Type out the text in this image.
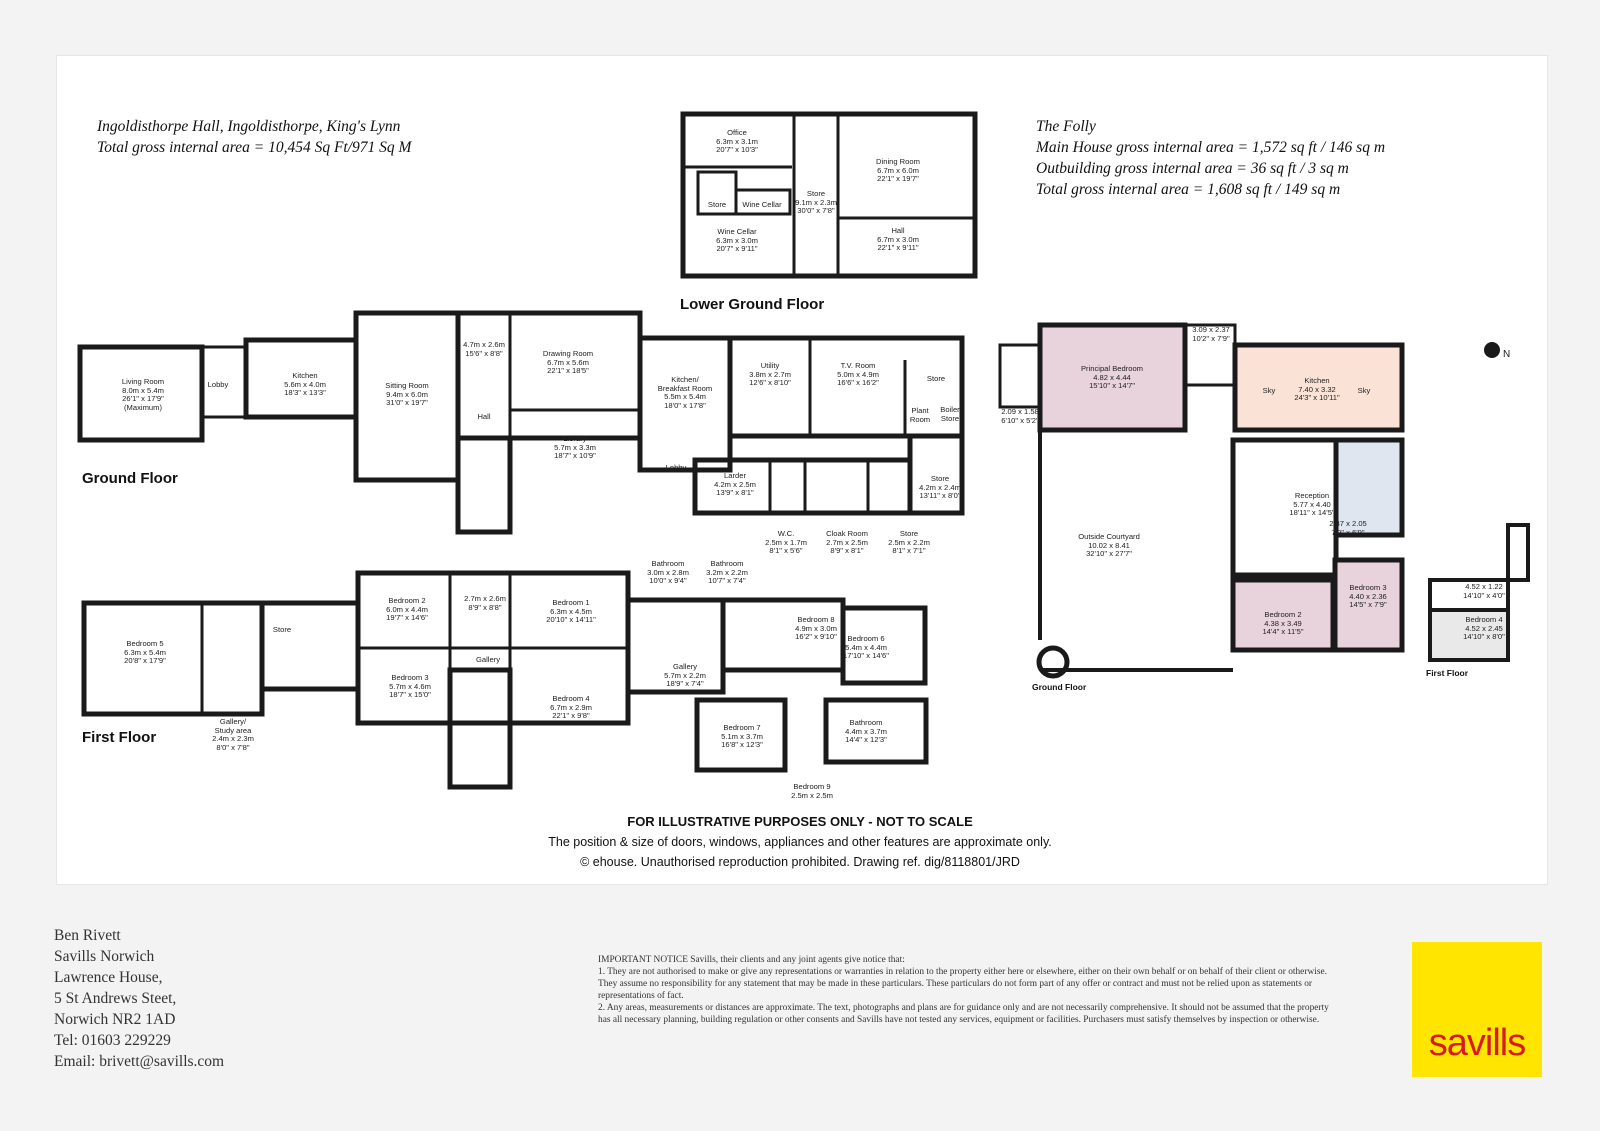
Ingoldisthorpe Hall, Ingoldisthorpe, King's Lynn
Total gross internal area = 10,454 Sq Ft/971 Sq M
The Folly
Main House gross internal area = 1,572 sq ft / 146 sq m
Outbuilding gross internal area = 36 sq ft / 3 sq m
Total gross internal area = 1,608 sq ft / 149 sq m
N
Lower Ground Floor
Ground Floor
First Floor
Ground Floor
First Floor
Office
6.3m x 3.1m
20'7" x 10'3"
Store	Wine Cellar
Wine Cellar
6.3m x 3.0m
20'7" x 9'11"
Store
9.1m x 2.3m
30'0" x 7'8"
Dining Room
6.7m x 6.0m
22'1" x 19'7"
Hall
6.7m x 3.0m
22'1" x 9'11"
Living Room
8.0m x 5.4m
26'1" x 17'9"
(Maximum)
Lobby
Kitchen
5.6m x 4.0m
18'3" x 13'3"
Sitting Room
9.4m x 6.0m
31'0" x 19'7"
4.7m x 2.6m
15'6" x 8'8"
Hall
Drawing Room
6.7m x 5.6m
22'1" x 18'5"
Library
5.7m x 3.3m
18'7" x 10'9"
Kitchen/
Breakfast Room
5.5m x 5.4m
18'0" x 17'8"
Lobby
Utility
3.8m x 2.7m
12'6" x 8'10"
T.V. Room
5.0m x 4.9m
16'6" x 16'2"	Store
Plant
Room
Boiler
Store
Store
4.2m x 2.4m
13'11" x 8'0"
Larder
4.2m x 2.5m
13'9" x 8'1"
W.C.
2.5m x 1.7m
8'1" x 5'6"
Cloak Room
2.7m x 2.5m
8'9" x 8'1"
Store
2.5m x 2.2m
8'1" x 7'1"
Bedroom 5
6.3m x 5.4m
20'8" x 17'9"
Store
Gallery/
Study area
2.4m x 2.3m
8'0" x 7'8"
Bedroom 2
6.0m x 4.4m
19'7" x 14'6"
Bedroom 3
5.7m x 4.6m
18'7" x 15'0"
2.7m x 2.6m
8'9" x 8'8"
Gallery
Bedroom 1
6.3m x 4.5m
20'10" x 14'11"
Bedroom 4
6.7m x 2.9m
22'1" x 9'8"
Bathroom
3.0m x 2.8m
10'0" x 9'4"
Bathroom
3.2m x 2.2m
10'7" x 7'4"
Gallery
5.7m x 2.2m
18'9" x 7'4"
Bedroom 8
4.9m x 3.0m
16'2" x 9'10"	Bedroom 6
5.4m x 4.4m
17'10" x 14'6"
Bedroom 7
5.1m x 3.7m
16'8" x 12'3"
Bathroom
4.4m x 3.7m
14'4" x 12'3"
Bedroom 9
2.5m x 2.5m
Principal Bedroom
4.82 x 4.44
15'10" x 14'7"
3.09 x 2.37
10'2" x 7'9"
2.09 x 1.58
6'10" x 5'2"
Kitchen
7.40 x 3.32
24'3" x 10'11"
Sky	Sky
Reception
5.77 x 4.40
18'11" x 14'5"
Outside Courtyard
10.02 x 8.41
32'10" x 27'7"
2.37 x 2.05
7'9" x 6'9"
Bedroom 2
4.38 x 3.49
14'4" x 11'5"
Bedroom 3
4.40 x 2.36
14'5" x 7'9"
4.52 x 1.22
14'10" x 4'0"
Bedroom 4
4.52 x 2.45
14'10" x 8'0"
FOR ILLUSTRATIVE PURPOSES ONLY - NOT TO SCALE
The position & size of doors, windows, appliances and other features are approximate only.
© ehouse. Unauthorised reproduction prohibited. Drawing ref. dig/8118801/JRD
Ben Rivett
Savills Norwich
Lawrence House,
5 St Andrews Steet,
Norwich NR2 1AD
Tel: 01603 229229
Email: brivett@savills.com
IMPORTANT NOTICE Savills, their clients and any joint agents give notice that:
1. They are not authorised to make or give any representations or warranties in relation to the property either here or elsewhere, either on their own behalf or on behalf of their client or otherwise. They assume no responsibility for any statement that may be made in these particulars. These particulars do not form part of any offer or contract and must not be relied upon as statements or representations of fact.
2. Any areas, measurements or distances are approximate. The text, photographs and plans are for guidance only and are not necessarily comprehensive. It should not be assumed that the property has all necessary planning, building regulation or other consents and Savills have not tested any services, equipment or facilities. Purchasers must satisfy themselves by inspection or otherwise.
savills
